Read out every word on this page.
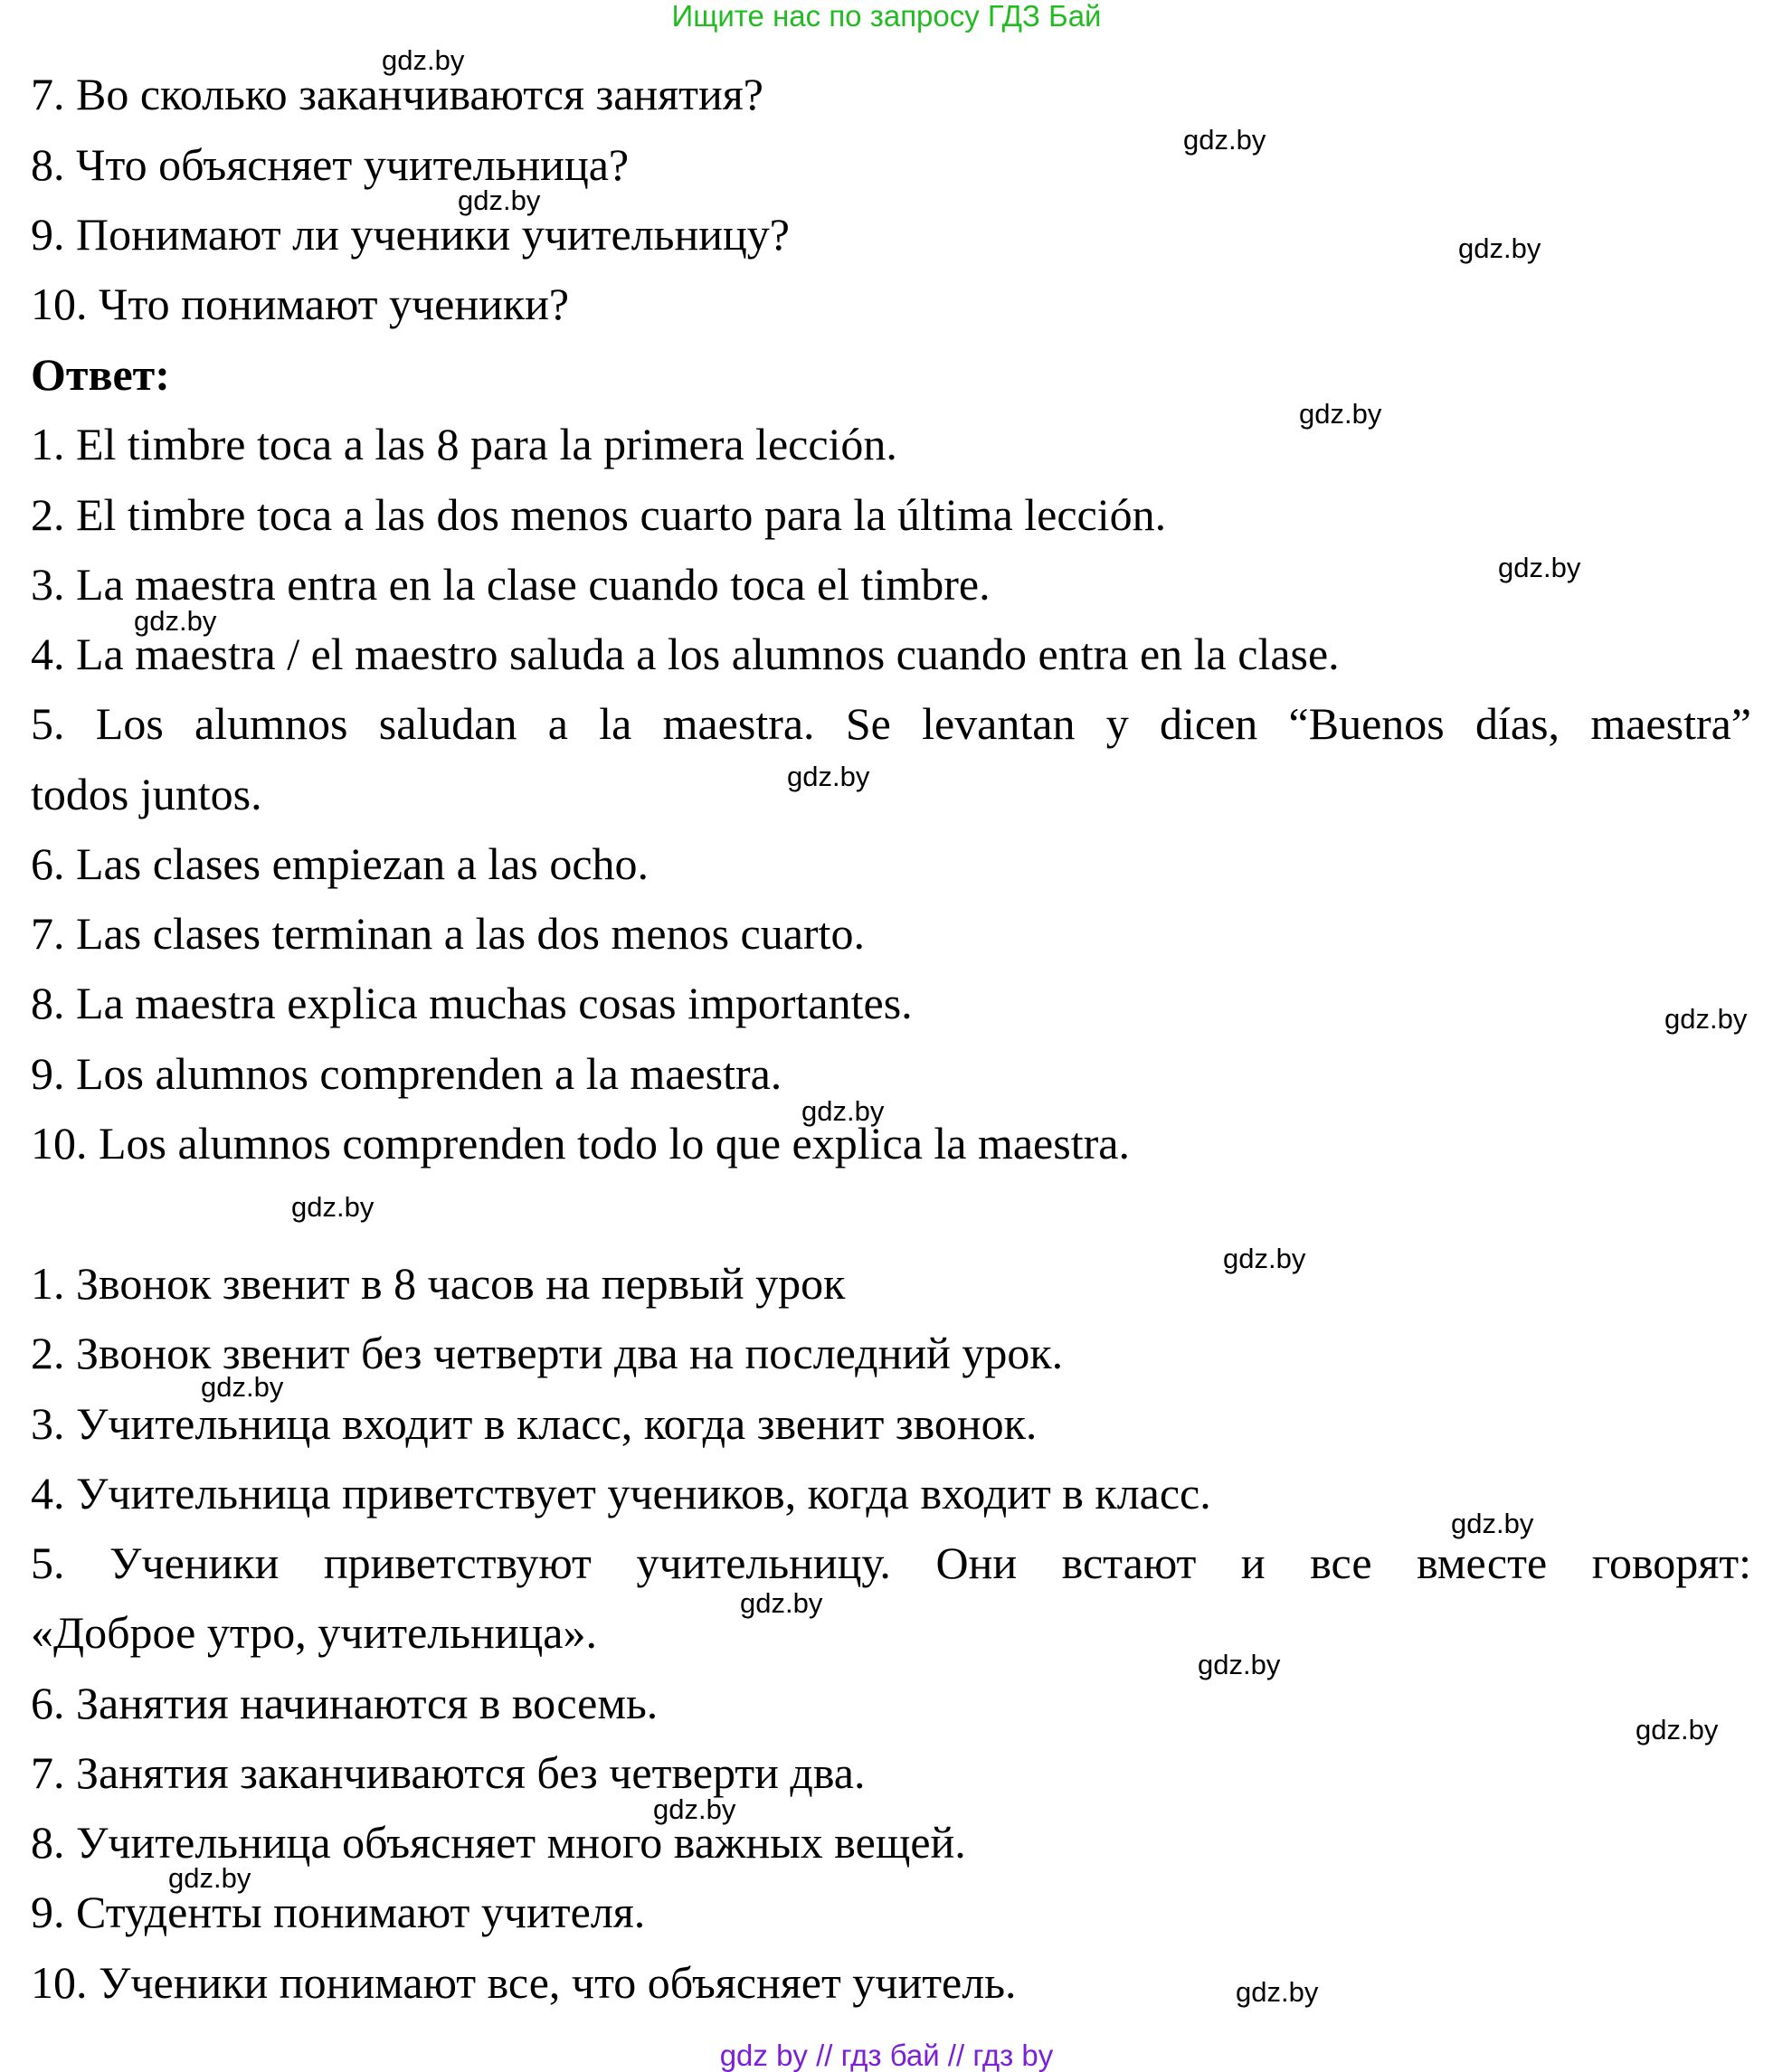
Ищите нас по запросу ГДЗ Бай
7. Во сколько заканчиваются занятия?
8. Что объясняет учительница?
9. Понимают ли ученики учительницу?
10. Что понимают ученики?
Ответ:
1. El timbre toca a las 8 para la primera lección.
2. El timbre toca a las dos menos cuarto para la última lección.
3. La maestra entra en la clase cuando toca el timbre.
4. La maestra / el maestro saluda a los alumnos cuando entra en la clase.
5. Los alumnos saludan a la maestra. Se levantan y dicen “Buenos días, maestra”
todos juntos.
6. Las clases empiezan a las ocho.
7. Las clases terminan a las dos menos cuarto.
8. La maestra explica muchas cosas importantes.
9. Los alumnos comprenden a la maestra.
10. Los alumnos comprenden todo lo que explica la maestra.
1. Звонок звенит в 8 часов на первый урок
2. Звонок звенит без четверти два на последний урок.
3. Учительница входит в класс, когда звенит звонок.
4. Учительница приветствует учеников, когда входит в класс.
5. Ученики приветствуют учительницу. Они встают и все вместе говорят:
«Доброе утро, учительница».
6. Занятия начинаются в восемь.
7. Занятия заканчиваются без четверти два.
8. Учительница объясняет много важных вещей.
9. Студенты понимают учителя.
10. Ученики понимают все, что объясняет учитель.
gdz.by
gdz.by
gdz.by
gdz.by
gdz.by
gdz.by
gdz.by
gdz.by
gdz.by
gdz.by
gdz.by
gdz.by
gdz.by
gdz.by
gdz.by
gdz.by
gdz.by
gdz.by
gdz.by
gdz.by
gdz by // гдз бай // гдз by
